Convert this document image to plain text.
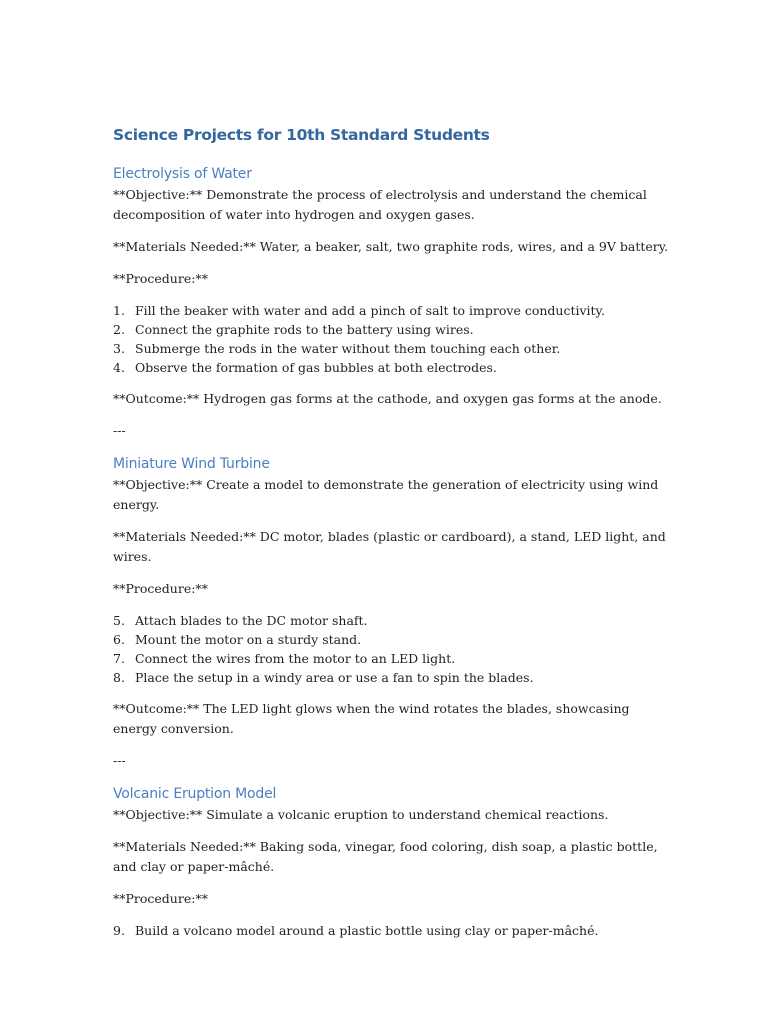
Science Projects for 10th Standard Students
Electrolysis of Water

**Objective:** Demonstrate the process of electrolysis and understand the chemical decomposition of water into hydrogen and oxygen gases.

**Materials Needed:** Water, a beaker, salt, two graphite rods, wires, and a 9V battery.

**Procedure:**

1. Fill the beaker with water and add a pinch of salt to improve conductivity.
2. Connect the graphite rods to the battery using wires.
3. Submerge the rods in the water without them touching each other.
4. Observe the formation of gas bubbles at both electrodes.

**Outcome:** Hydrogen gas forms at the cathode, and oxygen gas forms at the anode.

---

Miniature Wind Turbine

**Objective:** Create a model to demonstrate the generation of electricity using wind energy.

**Materials Needed:** DC motor, blades (plastic or cardboard), a stand, LED light, and wires.

**Procedure:**

5. Attach blades to the DC motor shaft.
6. Mount the motor on a sturdy stand.
7. Connect the wires from the motor to an LED light.
8. Place the setup in a windy area or use a fan to spin the blades.

**Outcome:** The LED light glows when the wind rotates the blades, showcasing energy conversion.

---

Volcanic Eruption Model

**Objective:** Simulate a volcanic eruption to understand chemical reactions.

**Materials Needed:** Baking soda, vinegar, food coloring, dish soap, a plastic bottle, and clay or paper-mâché.

**Procedure:**

9. Build a volcano model around a plastic bottle using clay or paper-mâché.
